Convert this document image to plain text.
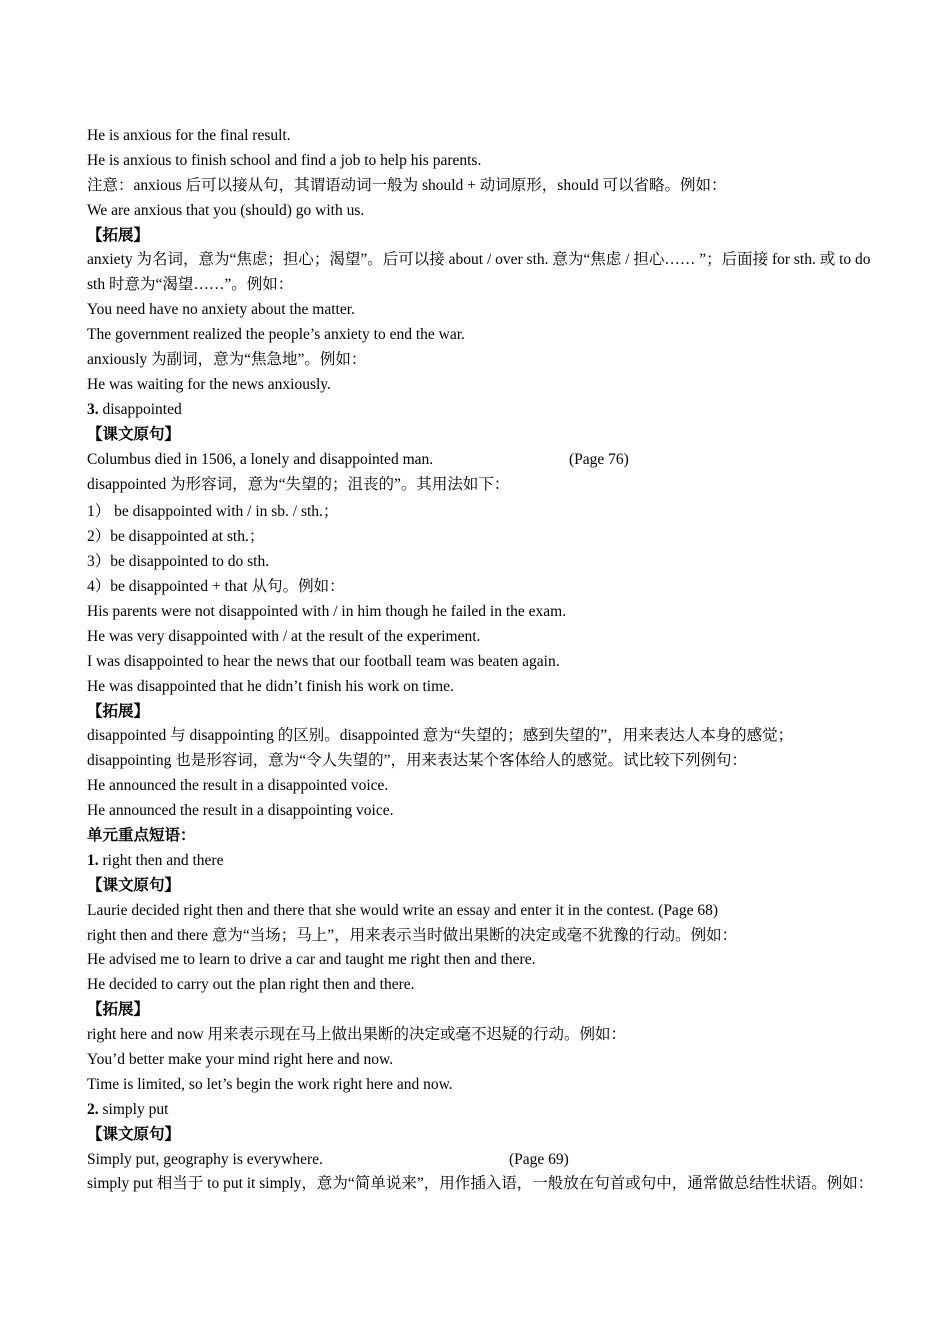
He is anxious for the final result.
He is anxious to finish school and find a job to help his parents.
注意：anxious 后可以接从句，其谓语动词一般为 should + 动词原形，should 可以省略。例如：
We are anxious that you (should) go with us.
【拓展】
anxiety 为名词，意为“焦虑；担心；渴望”。后可以接 about / over sth. 意为“焦虑 / 担心…… ”；后面接 for sth. 或 to do sth 时意为“渴望……”。例如：
You need have no anxiety about the matter.
The government realized the people’s anxiety to end the war.
anxiously 为副词，意为“焦急地”。例如：
He was waiting for the news anxiously.
3. disappointed
【课文原句】
Columbus died in 1506, a lonely and disappointed man.	(Page 76)
disappointed 为形容词，意为“失望的；沮丧的”。其用法如下：
1） be disappointed with / in sb. / sth.；
2）be disappointed at sth.；
3）be disappointed to do sth.
4）be disappointed + that 从句。例如：
His parents were not disappointed with / in him though he failed in the exam.
He was very disappointed with / at the result of the experiment.
I was disappointed to hear the news that our football team was beaten again.
He was disappointed that he didn’t finish his work on time.
【拓展】
disappointed 与 disappointing 的区别。disappointed 意为“失望的；感到失望的”，用来表达人本身的感觉；disappointing 也是形容词，意为“令人失望的”，用来表达某个客体给人的感觉。试比较下列例句：
He announced the result in a disappointed voice.
He announced the result in a disappointing voice.
单元重点短语：
1. right then and there
【课文原句】
Laurie decided right then and there that she would write an essay and enter it in the contest. (Page 68)
right then and there 意为“当场；马上”，用来表示当时做出果断的决定或毫不犹豫的行动。例如：
He advised me to learn to drive a car and taught me right then and there.
He decided to carry out the plan right then and there.
【拓展】
right here and now 用来表示现在马上做出果断的决定或毫不迟疑的行动。例如：
You’d better make your mind right here and now.
Time is limited, so let’s begin the work right here and now.
2. simply put
【课文原句】
Simply put, geography is everywhere.	(Page 69)
simply put 相当于 to put it simply，意为“简单说来”，用作插入语，一般放在句首或句中，通常做总结性状语。例如：
